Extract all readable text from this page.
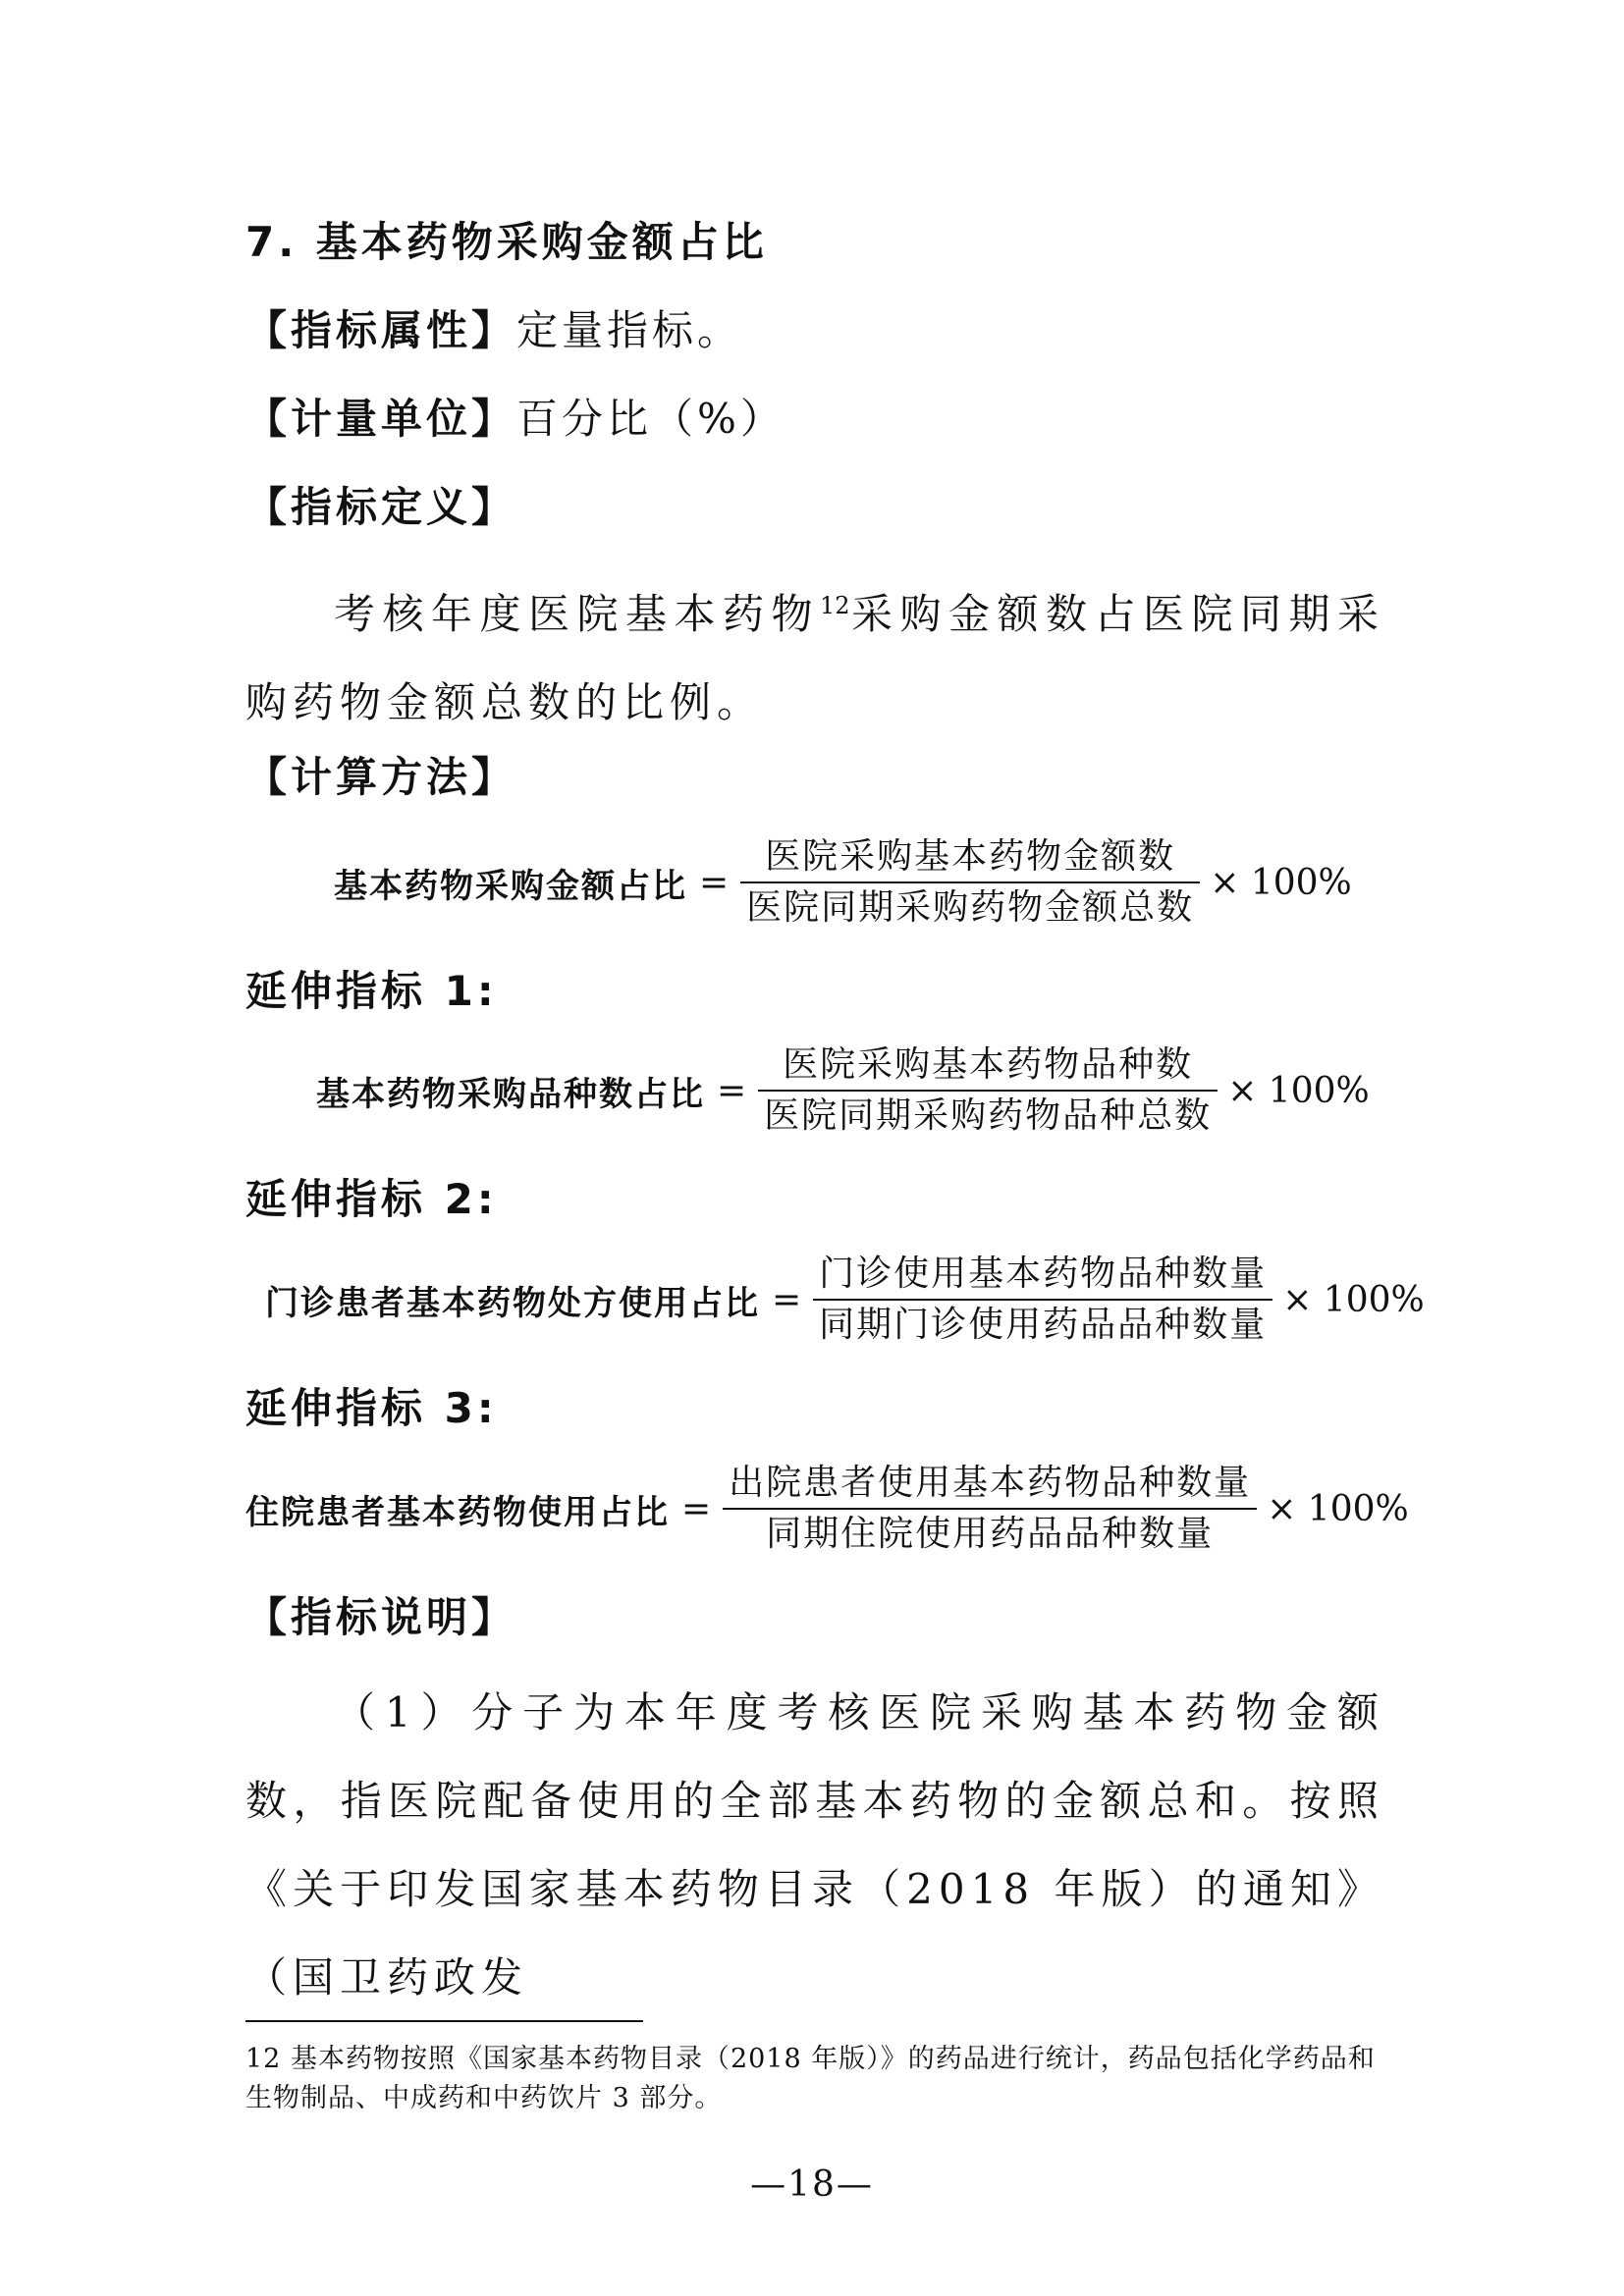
7. 基本药物采购金额占比
【指标属性】定量指标。
【计量单位】百分比（%）
【指标定义】
考核年度医院基本药物$^{12}$采购金额数占医院同期采购药物金额总数的比例。
【计算方法】
基本药物采购金额占比 = $\frac{\text{医院采购基本药物金额数}}{\text{医院同期采购药物金额总数}} \times 100\%$
延伸指标 1:
基本药物采购品种数占比 = $\frac{\text{医院采购基本药物品种数}}{\text{医院同期采购药物品种总数}} \times 100\%$
延伸指标 2:
门诊患者基本药物处方使用占比 = $\frac{\text{门诊使用基本药物品种数量}}{\text{同期门诊使用药品品种数量}} \times 100\%$
延伸指标 3:
住院患者基本药物使用占比 = $\frac{\text{出院患者使用基本药物品种数量}}{\text{同期住院使用药品品种数量}} \times 100\%$
【指标说明】
（1）分子为本年度考核医院采购基本药物金额数，指医院配备使用的全部基本药物的金额总和。按照《关于印发国家基本药物目录（2018 年版）的通知》（国卫药政发
12 基本药物按照《国家基本药物目录（2018 年版）》的药品进行统计，药品包括化学药品和生物制品、中成药和中药饮片 3 部分。
—18—
